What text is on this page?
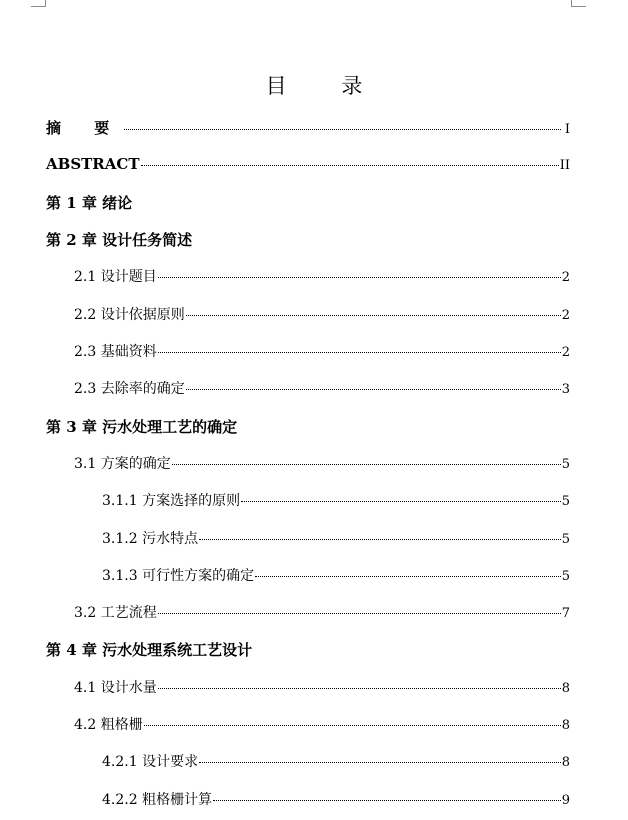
目 录
摘 要	I
ABSTRACT	II
第 1 章 绪论
第 2 章 设计任务简述
2.1 设计题目	2
2.2 设计依据原则	2
2.3 基础资料	2
2.3 去除率的确定	3
第 3 章 污水处理工艺的确定
3.1 方案的确定	5
3.1.1 方案选择的原则	5
3.1.2 污水特点	5
3.1.3 可行性方案的确定	5
3.2 工艺流程	7
第 4 章 污水处理系统工艺设计
4.1 设计水量	8
4.2 粗格栅	8
4.2.1 设计要求	8
4.2.2 粗格栅计算	9
